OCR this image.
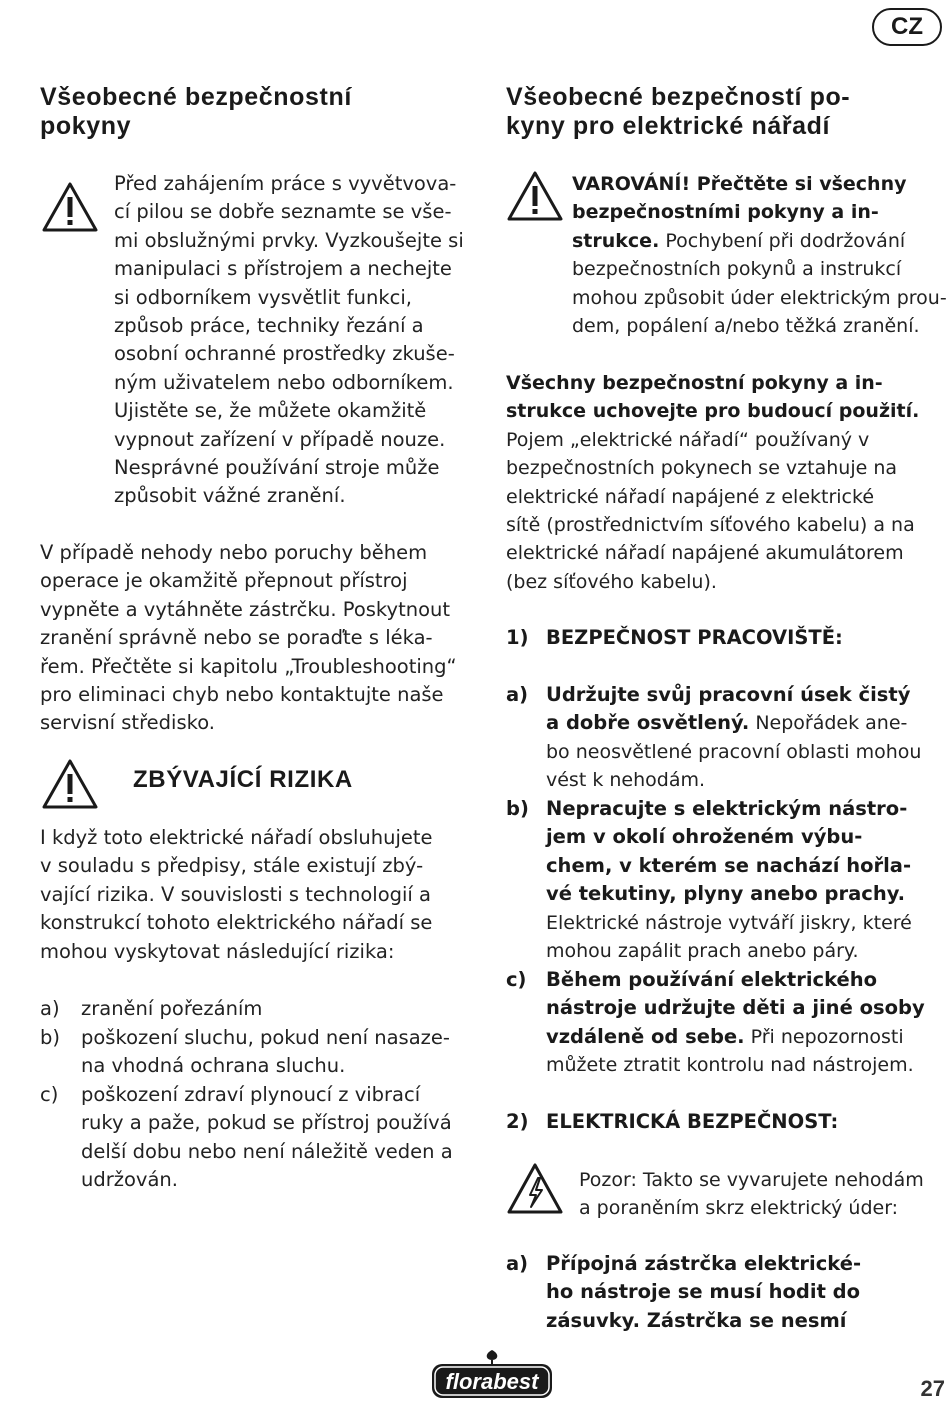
CZ
Všeobecné bezpečnostní
pokyny
Před zahájením práce s vyvětvova-
cí pilou se dobře seznamte se vše-
mi obslužnými prvky. Vyzkoušejte si
manipulaci s přístrojem a nechejte
si odborníkem vysvětlit funkci,
způsob práce, techniky řezání a
osobní ochranné prostředky zkuše-
ným uživatelem nebo odborníkem.
Ujistěte se, že můžete okamžitě
vypnout zařízení v případě nouze.
Nesprávné používání stroje může
způsobit vážné zranění.
V případě nehody nebo poruchy během
operace je okamžitě přepnout přístroj
vypněte a vytáhněte zástrčku. Poskytnout
zranění správně nebo se poraďte s léka-
řem. Přečtěte si kapitolu „Troubleshooting“
pro eliminaci chyb nebo kontaktujte naše
servisní středisko.
ZBÝVAJÍCÍ RIZIKA
I když toto elektrické nářadí obsluhujete
v souladu s předpisy, stále existují zbý-
vající rizika. V souvislosti s technologií a
konstrukcí tohoto elektrického nářadí se
mohou vyskytovat následující rizika:
a) zranění pořezáním
b) poškození sluchu, pokud není nasaze-
na vhodná ochrana sluchu.
c) poškození zdraví plynoucí z vibrací
ruky a paže, pokud se přístroj používá
delší dobu nebo není náležitě veden a
udržován.
Všeobecné bezpečností po-
kyny pro elektrické nářadí
VAROVÁNÍ! Přečtěte si všechny
bezpečnostními pokyny a in-
strukce. Pochybení při dodržování
bezpečnostních pokynů a instrukcí
mohou způsobit úder elektrickým prou-
dem, popálení a/nebo těžká zranění.
Všechny bezpečnostní pokyny a in-
strukce uchovejte pro budoucí použití.
Pojem „elektrické nářadí“ používaný v
bezpečnostních pokynech se vztahuje na
elektrické nářadí napájené z elektrické
sítě (prostřednictvím síťového kabelu) a na
elektrické nářadí napájené akumulátorem
(bez síťového kabelu).
1) BEZPEČNOST PRACOVIŠTĚ:
a) Udržujte svůj pracovní úsek čistý
a dobře osvětlený. Nepořádek ane-
bo neosvětlené pracovní oblasti mohou
vést k nehodám.
b) Nepracujte s elektrickým nástro-
jem v okolí ohroženém výbu-
chem, v kterém se nachází hořla-
vé tekutiny, plyny anebo prachy.
Elektrické nástroje vytváří jiskry, které
mohou zapálit prach anebo páry.
c) Během používání elektrického
nástroje udržujte děti a jiné osoby
vzdáleně od sebe. Při nepozornosti
můžete ztratit kontrolu nad nástrojem.
2) ELEKTRICKÁ BEZPEČNOST:
Pozor: Takto se vyvarujete nehodám
a poraněním skrz elektrický úder:
a) Přípojná zástrčka elektrické-
ho nástroje se musí hodit do
zásuvky. Zástrčka se nesmí
florabest	27
